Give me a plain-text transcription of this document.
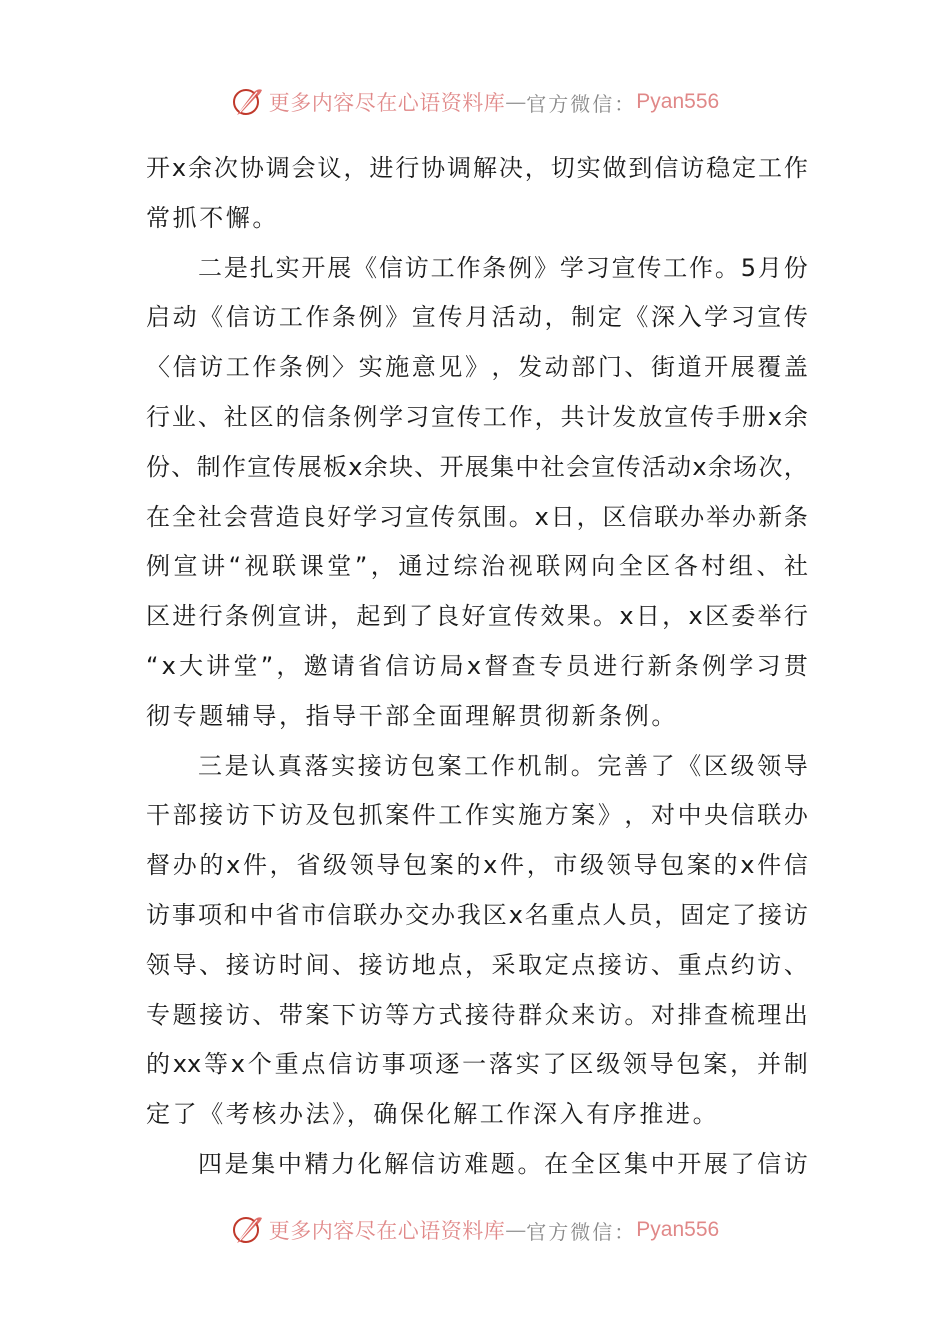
更多内容尽在心语资料库 — 官方微信： Pyan556
开 x 余 次 协 调 会 议 ， 进 行 协 调 解 决 ， 切 实 做 到 信 访 稳 定 工 作
常抓不懈。
二 是 扎 实 开 展 《 信 访 工 作 条 例 》 学 习 宣 传 工 作 。 5 月 份
启 动 《 信 访 工 作 条 例 》 宣 传 月 活 动 ， 制 定 《 深 入 学 习 宣 传
〈 信 访 工 作 条 例 〉 实 施 意 见 》 ， 发 动 部 门 、 街 道 开 展 覆 盖
行 业 、 社 区 的 信 条 例 学 习 宣 传 工 作 ， 共 计 发 放 宣 传 手 册 x 余
份 、 制 作 宣 传 展 板 x 余 块 、 开 展 集 中 社 会 宣 传 活 动 x 余 场 次 ，
在 全 社 会 营 造 良 好 学 习 宣 传 氛 围 。 x 日 ， 区 信 联 办 举 办 新 条
例 宣 讲 “ 视 联 课 堂 ” ， 通 过 综 治 视 联 网 向 全 区 各 村 组 、 社
区 进 行 条 例 宣 讲 ， 起 到 了 良 好 宣 传 效 果 。 x 日 ， x 区 委 举 行
“ x 大 讲 堂 ” ， 邀 请 省 信 访 局 x 督 查 专 员 进 行 新 条 例 学 习 贯
彻专题辅导，指导干部全面理解贯彻新条例。
三 是 认 真 落 实 接 访 包 案 工 作 机 制 。 完 善 了 《 区 级 领 导
干 部 接 访 下 访 及 包 抓 案 件 工 作 实 施 方 案 》 ， 对 中 央 信 联 办
督 办 的 x 件 ， 省 级 领 导 包 案 的 x 件 ， 市 级 领 导 包 案 的 x 件 信
访 事 项 和 中 省 市 信 联 办 交 办 我 区 x 名 重 点 人 员 ， 固 定 了 接 访
领 导 、 接 访 时 间 、 接 访 地 点 ， 采 取 定 点 接 访 、 重 点 约 访 、
专 题 接 访 、 带 案 下 访 等 方 式 接 待 群 众 来 访 。 对 排 查 梳 理 出
的 xx 等 x 个 重 点 信 访 事 项 逐 一 落 实 了 区 级 领 导 包 案 ， 并 制
定了《考核办法》，确保化解工作深入有序推进。
四 是 集 中 精 力 化 解 信 访 难 题 。 在 全 区 集 中 开 展 了 信 访
更多内容尽在心语资料库 — 官方微信： Pyan556
